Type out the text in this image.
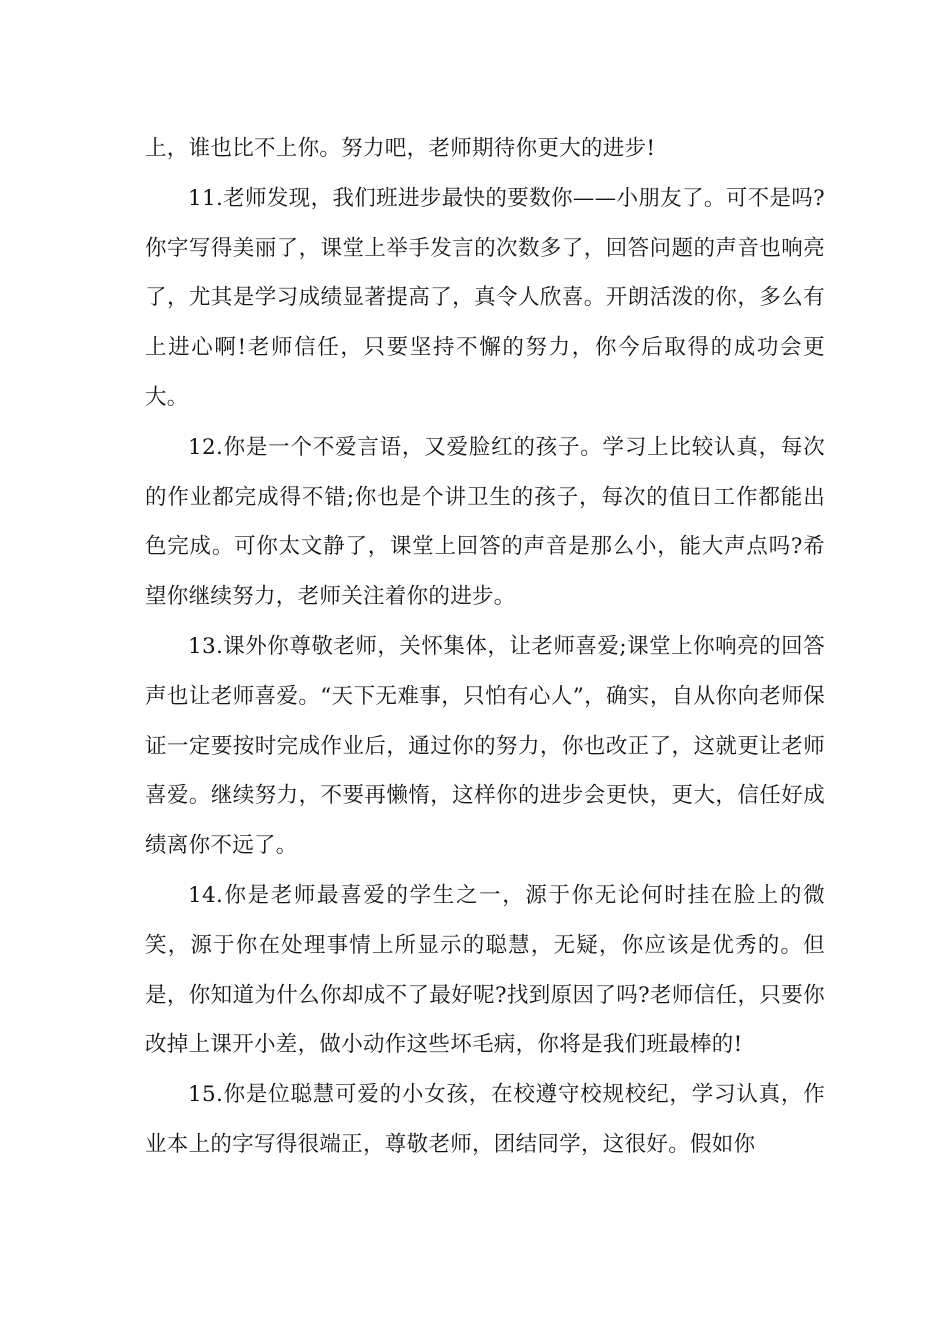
上，谁也比不上你。努力吧，老师期待你更大的进步!

11.老师发现，我们班进步最快的要数你——小朋友了。可不是吗?你字写得美丽了，课堂上举手发言的次数多了，回答问题的声音也响亮了，尤其是学习成绩显著提高了，真令人欣喜。开朗活泼的你，多么有上进心啊!老师信任，只要坚持不懈的努力，你今后取得的成功会更大。

12.你是一个不爱言语，又爱脸红的孩子。学习上比较认真，每次的作业都完成得不错;你也是个讲卫生的孩子，每次的值日工作都能出色完成。可你太文静了，课堂上回答的声音是那么小，能大声点吗?希望你继续努力，老师关注着你的进步。

13.课外你尊敬老师，关怀集体，让老师喜爱;课堂上你响亮的回答声也让老师喜爱。“天下无难事，只怕有心人”，确实，自从你向老师保证一定要按时完成作业后，通过你的努力，你也改正了，这就更让老师喜爱。继续努力，不要再懒惰，这样你的进步会更快，更大，信任好成绩离你不远了。

14.你是老师最喜爱的学生之一，源于你无论何时挂在脸上的微笑，源于你在处理事情上所显示的聪慧，无疑，你应该是优秀的。但是，你知道为什么你却成不了最好呢?找到原因了吗?老师信任，只要你改掉上课开小差，做小动作这些坏毛病，你将是我们班最棒的!

15.你是位聪慧可爱的小女孩，在校遵守校规校纪，学习认真，作业本上的字写得很端正，尊敬老师，团结同学，这很好。假如你
